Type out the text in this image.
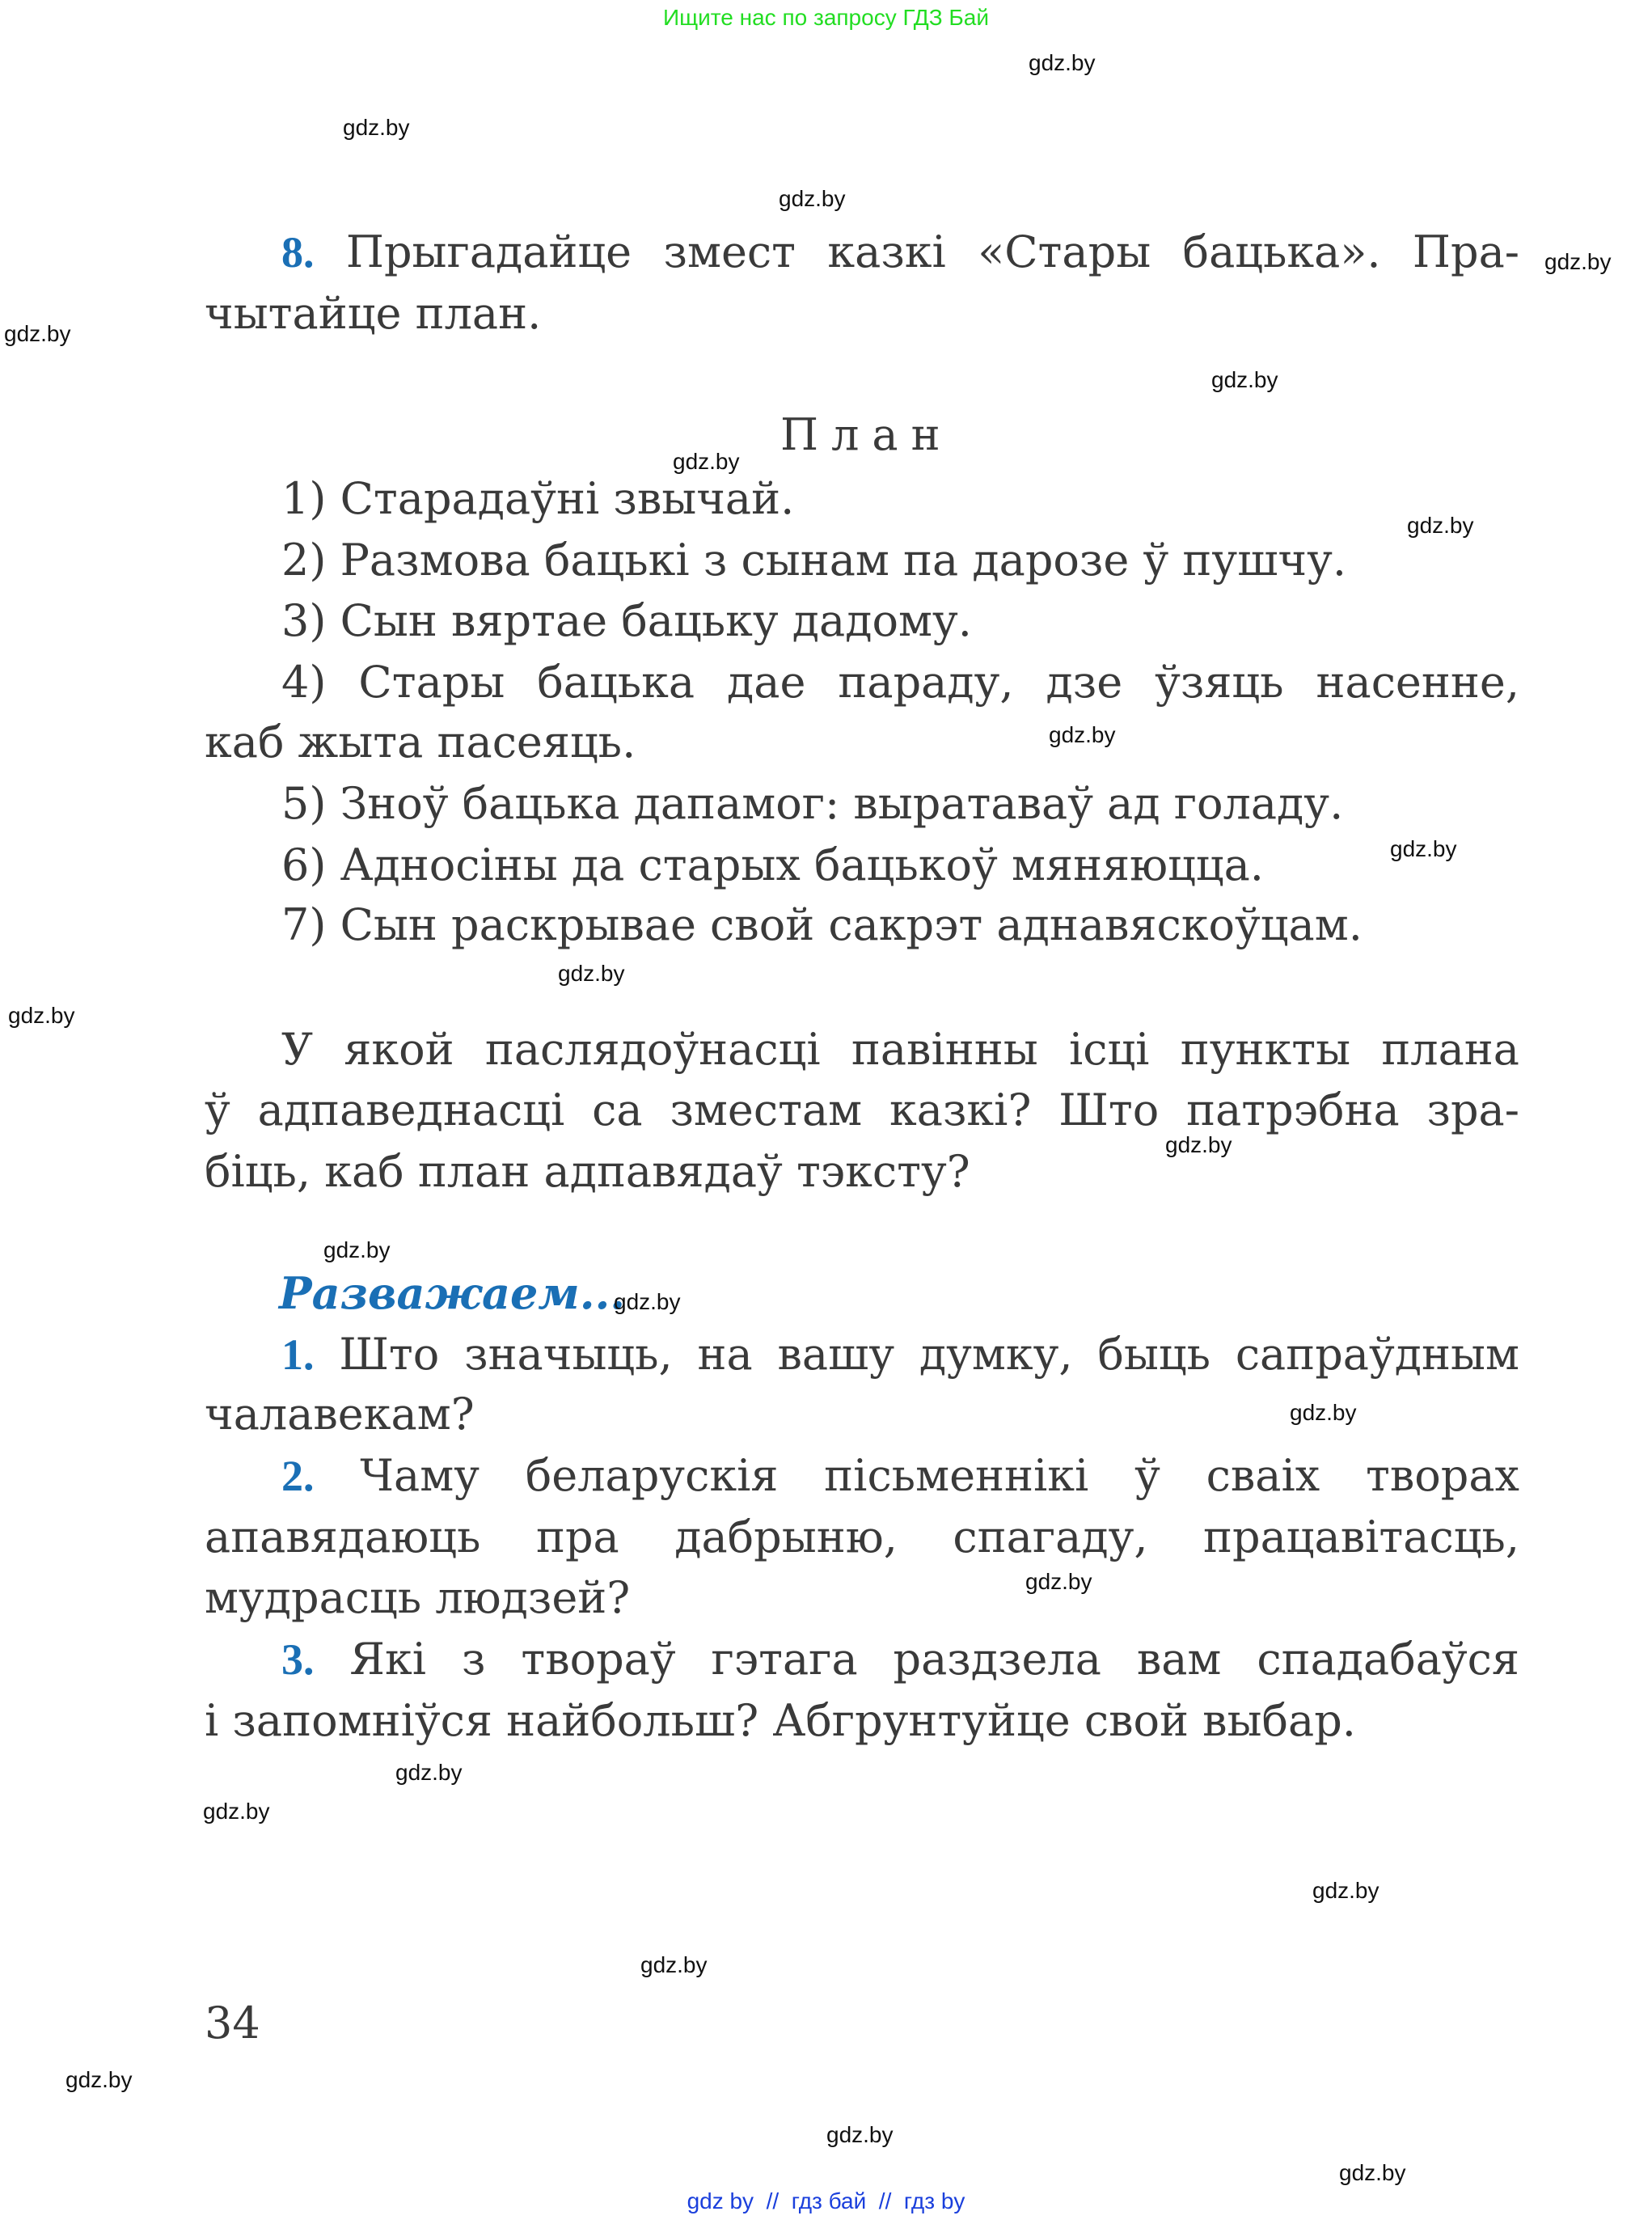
Ищите нас по запросу ГДЗ Бай
8. Прыгадайце змест казкі «Стары бацька». Пра-
чытайце план.
План
1) Старадаўні звычай.
2) Размова бацькі з сынам па дарозе ў пушчу.
3) Сын вяртае бацьку дадому.
4) Стары бацька дае параду, дзе ўзяць насенне,
каб жыта пасеяць.
5) Зноў бацька дапамог: выратаваў ад голаду.
6) Адносіны да старых бацькоў мяняюцца.
7) Сын раскрывае свой сакрэт аднавяскоўцам.
У якой паслядоўнасці павінны ісці пункты плана
ў адпаведнасці са зместам казкі? Што патрэбна зра-
біць, каб план адпавядаў тэксту?
Разважаем...
1. Што значыць, на вашу думку, быць сапраўдным
чалавекам?
2. Чаму беларускія пісьменнікі ў сваіх творах
апавядаюць пра дабрыню, спагаду, працавітасць,
мудрасць людзей?
3. Які з твораў гэтага раздзела вам спадабаўся
і запомніўся найбольш? Абгрунтуйце свой выбар.
34
gdz.by
gdz.by
gdz.by
gdz.by
gdz.by
gdz.by
gdz.by
gdz.by
gdz.by
gdz.by
gdz.by
gdz.by
gdz.by
gdz.by
gdz.by
gdz.by
gdz.by
gdz.by
gdz.by
gdz.by
gdz.by
gdz.by
gdz.by
gdz.by
gdz by  //  гдз бай  //  гдз by
